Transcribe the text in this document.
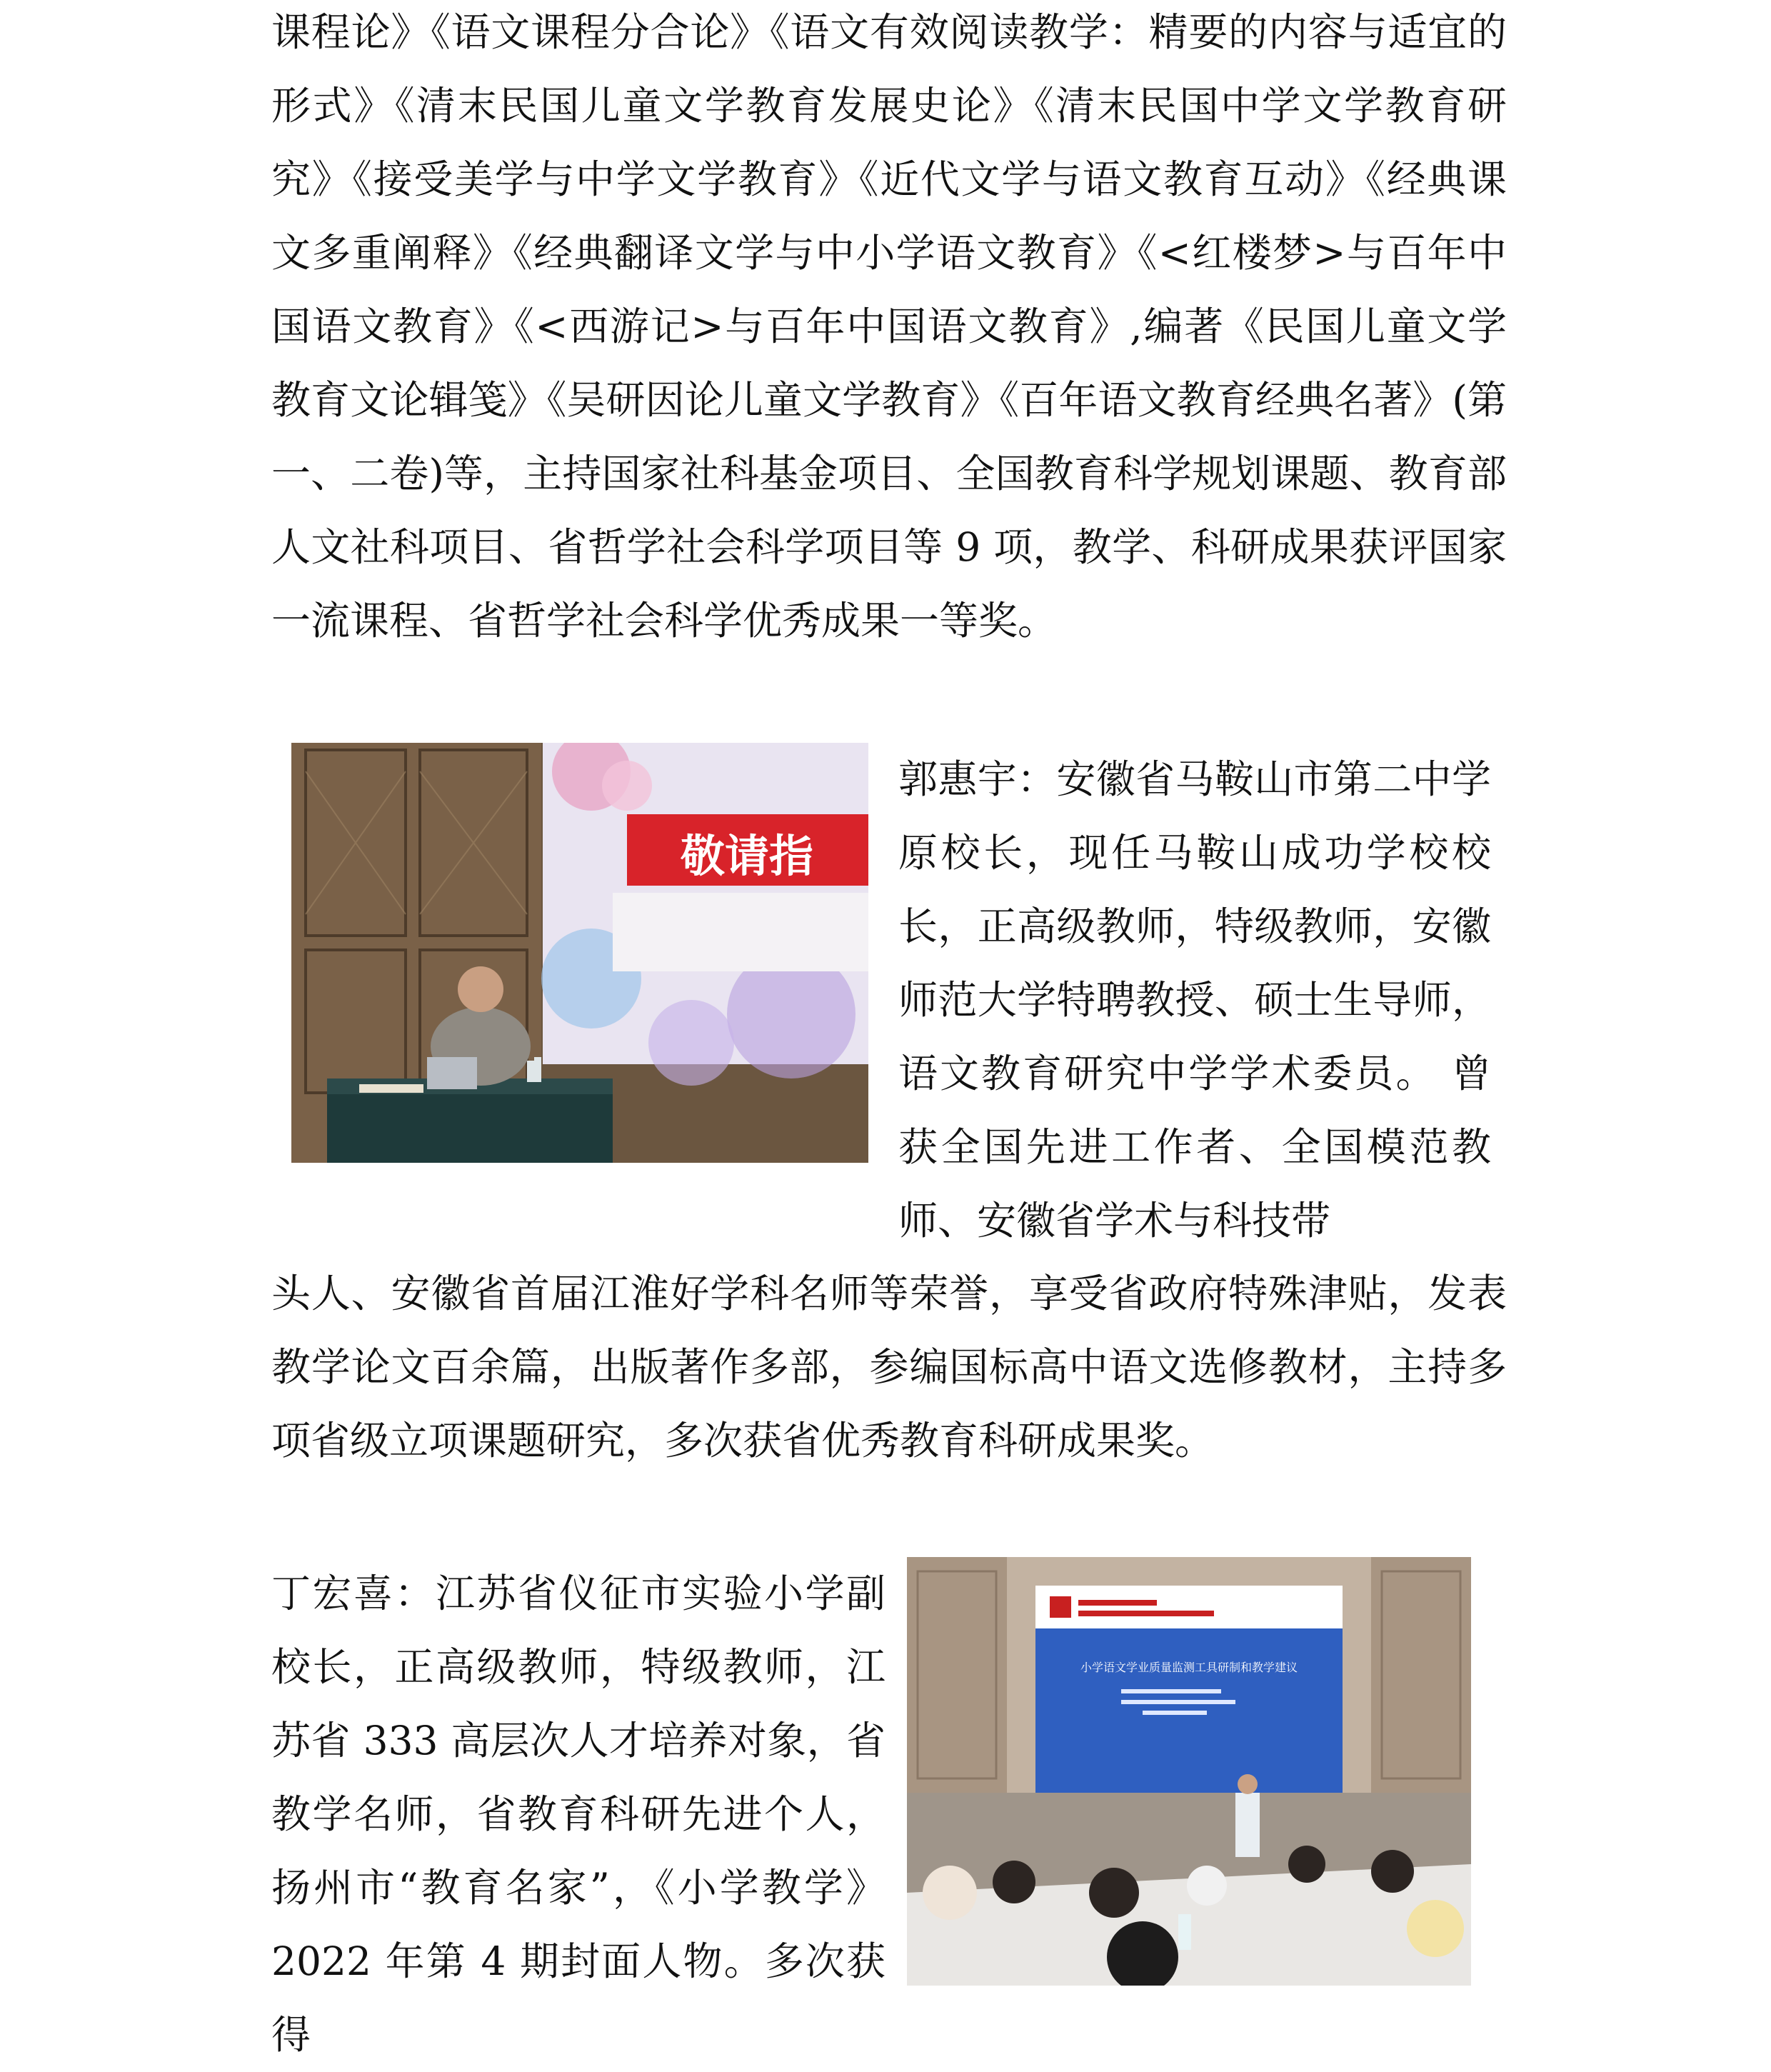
课程论》《语文课程分合论》《语文有效阅读教学：精要的内容与适宜的形式》《清末民国儿童文学教育发展史论》《清末民国中学文学教育研究》《接受美学与中学文学教育》《近代文学与语文教育互动》《经典课文多重阐释》《经典翻译文学与中小学语文教育》《<红楼梦>与百年中国语文教育》《<西游记>与百年中国语文教育》,编著《民国儿童文学教育文论辑笺》《吴研因论儿童文学教育》《百年语文教育经典名著》(第一、二卷)等，主持国家社科基金项目、全国教育科学规划课题、教育部人文社科项目、省哲学社会科学项目等 9 项，教学、科研成果获评国家一流课程、省哲学社会科学优秀成果一等奖。
敬请指
郭惠宇：安徽省马鞍山市第二中学原校长，现任马鞍山成功学校校长，正高级教师，特级教师，安徽师范大学特聘教授、硕士生导师，语文教育研究中学学术委员。 曾获全国先进工作者、全国模范教师、安徽省学术与科技带
头人、安徽省首届江淮好学科名师等荣誉，享受省政府特殊津贴，发表教学论文百余篇，出版著作多部，参编国标高中语文选修教材，主持多项省级立项课题研究，多次获省优秀教育科研成果奖。
丁宏喜：江苏省仪征市实验小学副校长，正高级教师，特级教师，江苏省 333 高层次人才培养对象，省教学名师，省教育科研先进个人，扬州市“教育名家”，《小学教学》2022 年第 4 期封面人物。多次获得
小学语文学业质量监测工具研制和教学建议
